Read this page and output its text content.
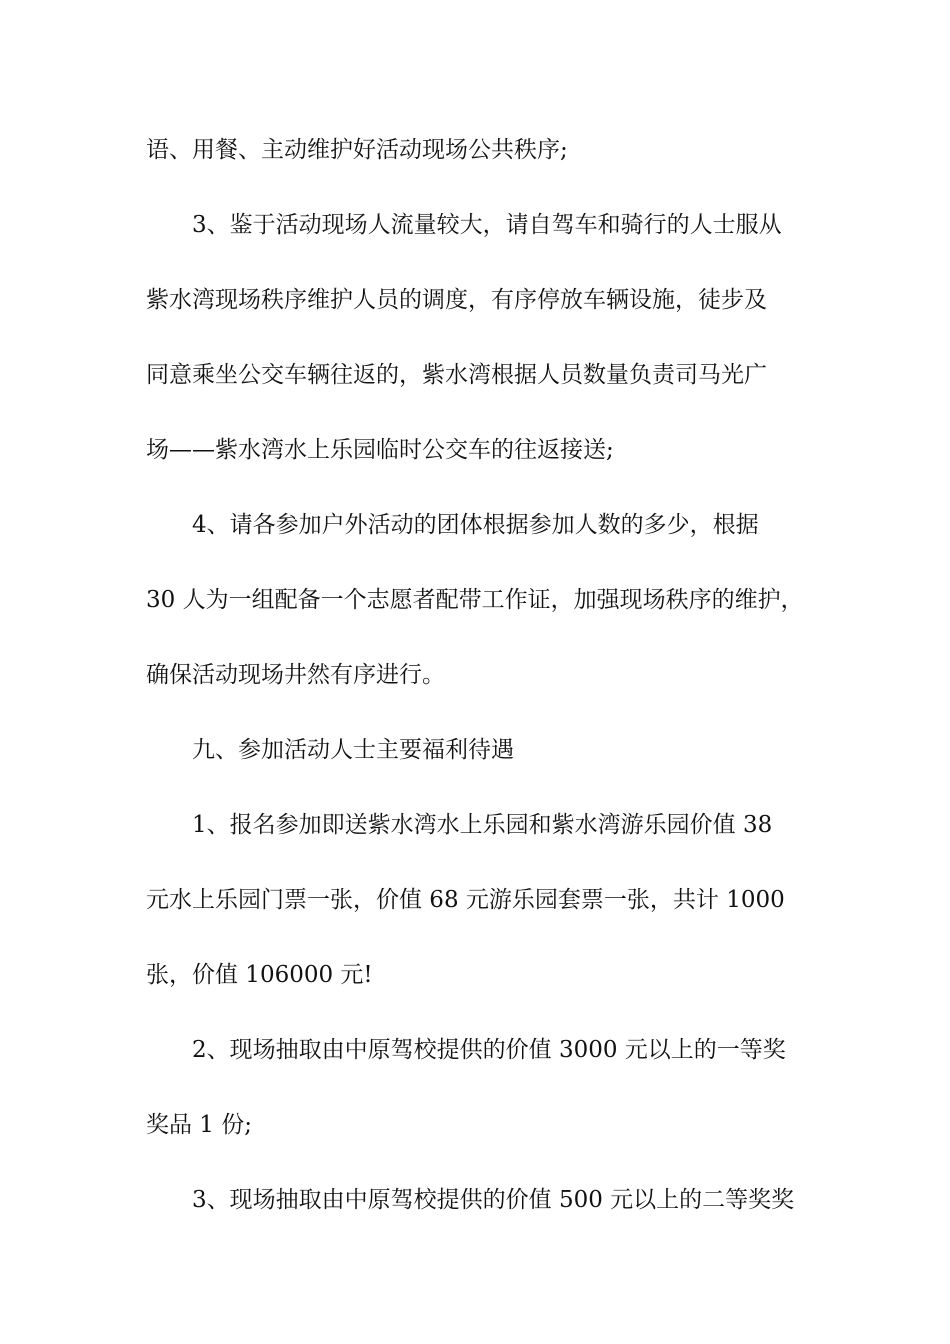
语、用餐、主动维护好活动现场公共秩序;

3、鉴于活动现场人流量较大，请自驾车和骑行的人士服从

紫水湾现场秩序维护人员的调度，有序停放车辆设施，徒步及

同意乘坐公交车辆往返的，紫水湾根据人员数量负责司马光广

场——紫水湾水上乐园临时公交车的往返接送;

4、请各参加户外活动的团体根据参加人数的多少，根据

30 人为一组配备一个志愿者配带工作证，加强现场秩序的维护，

确保活动现场井然有序进行。

九、参加活动人士主要福利待遇

1、报名参加即送紫水湾水上乐园和紫水湾游乐园价值 38

元水上乐园门票一张，价值 68 元游乐园套票一张，共计 1000

张，价值 106000 元!

2、现场抽取由中原驾校提供的价值 3000 元以上的一等奖

奖品 1 份;

3、现场抽取由中原驾校提供的价值 500 元以上的二等奖奖
